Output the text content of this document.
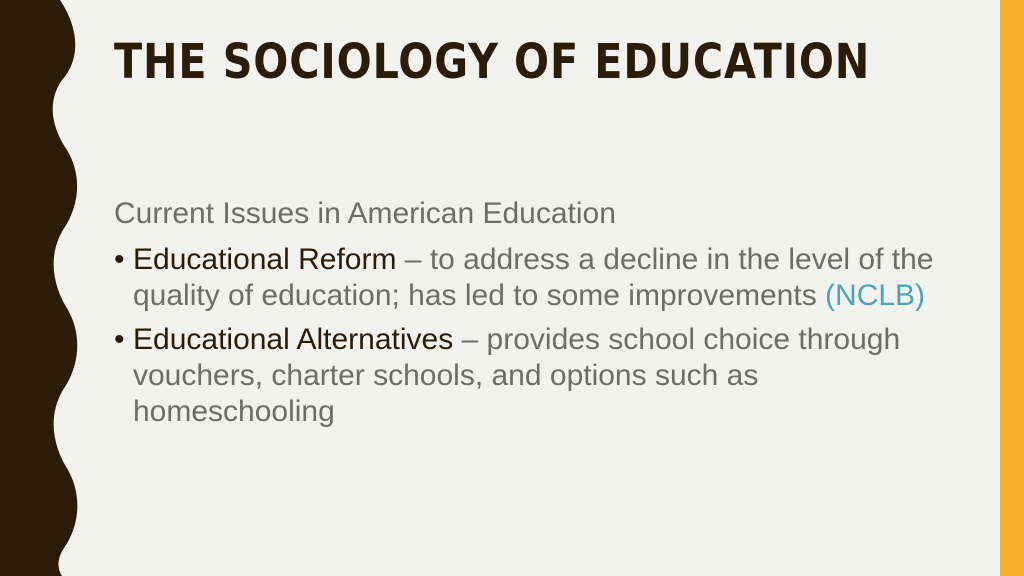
THE SOCIOLOGY OF EDUCATION

Current Issues in American Education

• Educational Reform – to address a decline in the level of the quality of education; has led to some improvements (NCLB)

• Educational Alternatives – provides school choice through vouchers, charter schools, and options such as homeschooling
